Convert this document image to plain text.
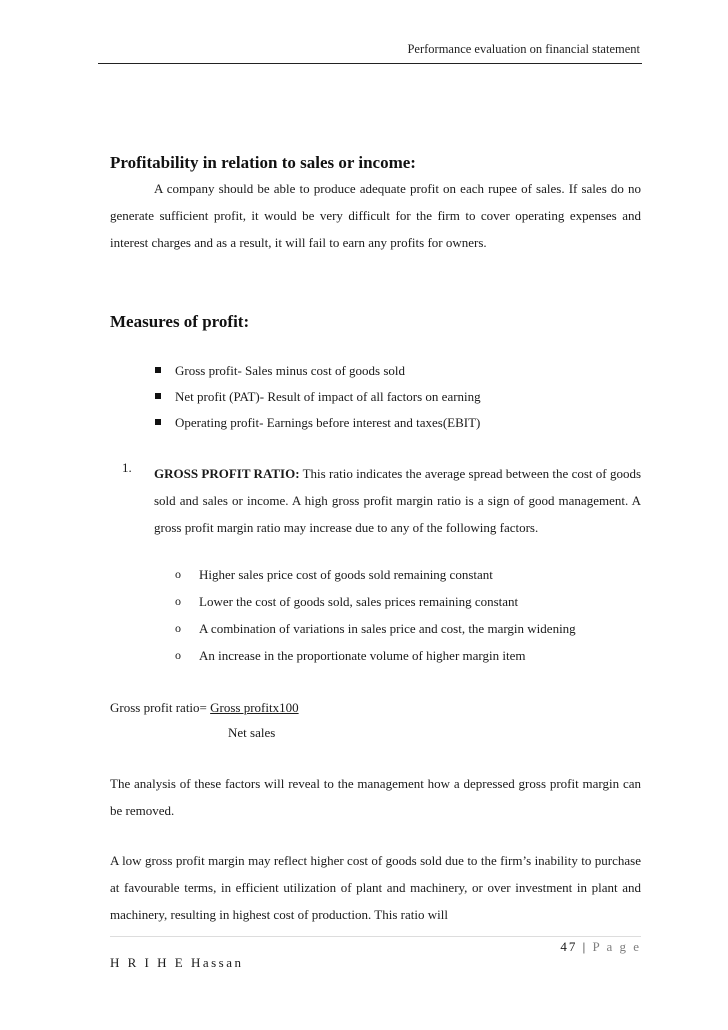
Performance evaluation on financial statement
Profitability in relation to sales or income:

A company should be able to produce adequate profit on each rupee of sales. If sales do no generate sufficient profit, it would be very difficult for the firm to cover operating expenses and interest charges and as a result, it will fail to earn any profits for owners.

Measures of profit:
Gross profit- Sales minus cost of goods sold
Net profit (PAT)- Result of impact of all factors on earning
Operating profit- Earnings before interest and taxes(EBIT)
1. GROSS PROFIT RATIO: This ratio indicates the average spread between the cost of goods sold and sales or income. A high gross profit margin ratio is a sign of good management. A gross profit margin ratio may increase due to any of the following factors.

o Higher sales price cost of goods sold remaining constant
o Lower the cost of goods sold, sales prices remaining constant
o A combination of variations in sales price and cost, the margin widening
o An increase in the proportionate volume of higher margin item
Gross profit ratio= Gross profitx100
Net sales

The analysis of these factors will reveal to the management how a depressed gross profit margin can be removed.

A low gross profit margin may reflect higher cost of goods sold due to the firm’s inability to purchase at favourable terms, in efficient utilization of plant and machinery, or over investment in plant and machinery, resulting in highest cost of production. This ratio will

47 | P a g e
H R I H E Hassan
